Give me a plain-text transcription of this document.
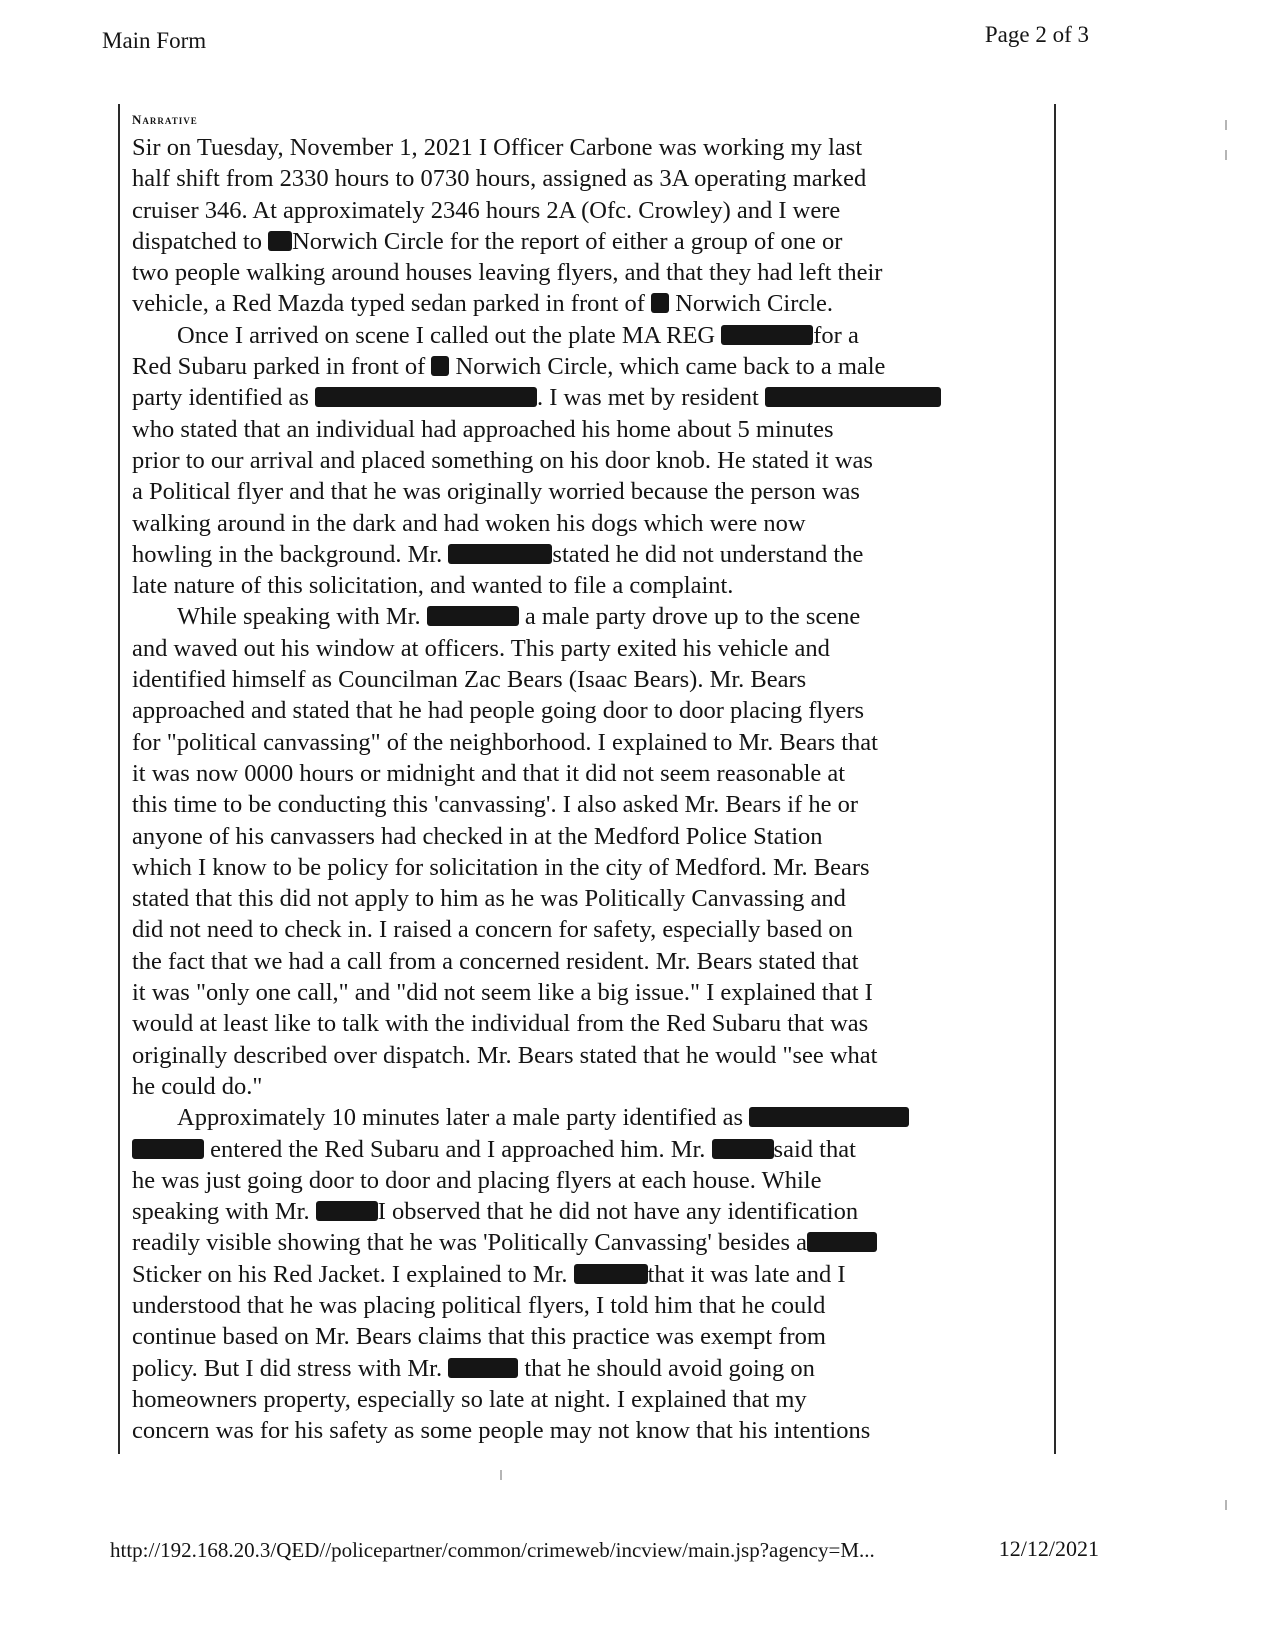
Main Form	Page 2 of 3
Narrative
Sir on Tuesday, November 1, 2021 I Officer Carbone was working my last
half shift from 2330 hours to 0730 hours, assigned as 3A operating marked
cruiser 346. At approximately 2346 hours 2A (Ofc. Crowley) and I were
dispatched to Norwich Circle for the report of either a group of one or
two people walking around houses leaving flyers, and that they had left their
vehicle, a Red Mazda typed sedan parked in front of  Norwich Circle.
Once I arrived on scene I called out the plate MA REG	for a
Red Subaru parked in front of  Norwich Circle, which came back to a male
party identified as	. I was met by resident
who stated that an individual had approached his home about 5 minutes
prior to our arrival and placed something on his door knob. He stated it was
a Political flyer and that he was originally worried because the person was
walking around in the dark and had woken his dogs which were now
howling in the background. Mr.	stated he did not understand the
late nature of this solicitation, and wanted to file a complaint.
While speaking with Mr.	a male party drove up to the scene
and waved out his window at officers. This party exited his vehicle and
identified himself as Councilman Zac Bears (Isaac Bears). Mr. Bears
approached and stated that he had people going door to door placing flyers
for "political canvassing" of the neighborhood. I explained to Mr. Bears that
it was now 0000 hours or midnight and that it did not seem reasonable at
this time to be conducting this 'canvassing'. I also asked Mr. Bears if he or
anyone of his canvassers had checked in at the Medford Police Station
which I know to be policy for solicitation in the city of Medford. Mr. Bears
stated that this did not apply to him as he was Politically Canvassing and
did not need to check in. I raised a concern for safety, especially based on
the fact that we had a call from a concerned resident. Mr. Bears stated that
it was "only one call," and "did not seem like a big issue." I explained that I
would at least like to talk with the individual from the Red Subaru that was
originally described over dispatch. Mr. Bears stated that he would "see what
he could do."
Approximately 10 minutes later a male party identified as
entered the Red Subaru and I approached him. Mr.	said that
he was just going door to door and placing flyers at each house. While
speaking with Mr.	I observed that he did not have any identification
readily visible showing that he was 'Politically Canvassing' besides a
Sticker on his Red Jacket. I explained to Mr.	that it was late and I
understood that he was placing political flyers, I told him that he could
continue based on Mr. Bears claims that this practice was exempt from
policy. But I did stress with Mr.	that he should avoid going on
homeowners property, especially so late at night. I explained that my
concern was for his safety as some people may not know that his intentions
http://192.168.20.3/QED//policepartner/common/crimeweb/incview/main.jsp?agency=M...	12/12/2021
